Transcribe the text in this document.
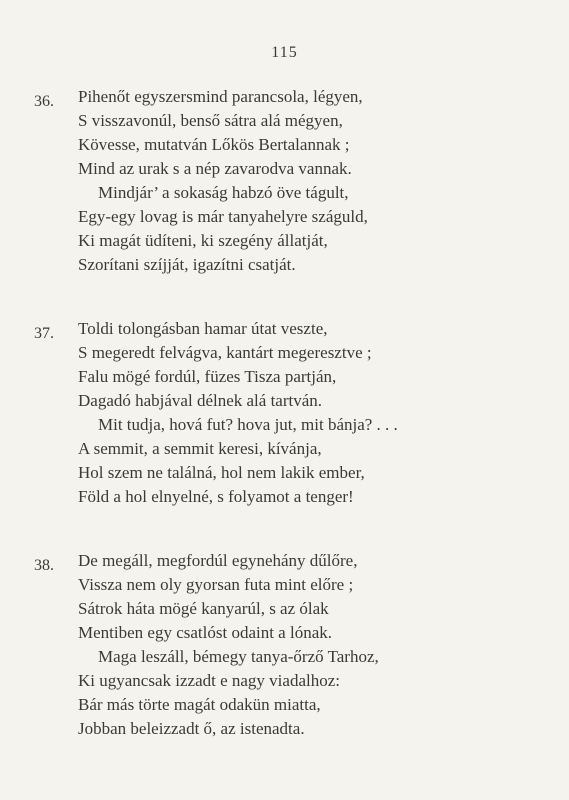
115
36. Pihenőt egyszersmind parancsola, légyen,
S visszavonúl, benső sátra alá mégyen,
Kövesse, mutatván Lőkös Bertalannak ;
Mind az urak s a nép zavarodva vannak.
Mindjár’ a sokaság habzó öve tágult,
Egy-egy lovag is már tanyahelyre száguld,
Ki magát üdíteni, ki szegény állatját,
Szorítani szíjját, igazítni csatját.
37. Toldi tolongásban hamar útat veszte,
S megeredt felvágva, kantárt megeresztve ;
Falu mögé fordúl, füzes Tisza partján,
Dagadó habjával délnek alá tartván.
Mit tudja, hová fut? hova jut, mit bánja? . . .
A semmit, a semmit keresi, kívánja,
Hol szem ne találná, hol nem lakik ember,
Föld a hol elnyelné, s folyamot a tenger!
38. De megáll, megfordúl egynehány dűlőre,
Vissza nem oly gyorsan futa mint előre ;
Sátrok háta mögé kanyarúl, s az ólak
Mentiben egy csatlóst odaint a lónak.
Maga leszáll, bémegy tanya-őrző Tarhoz,
Ki ugyancsak izzadt e nagy viadalhoz:
Bár más törte magát odakün miatta,
Jobban beleizzadt ő, az istenadta.
